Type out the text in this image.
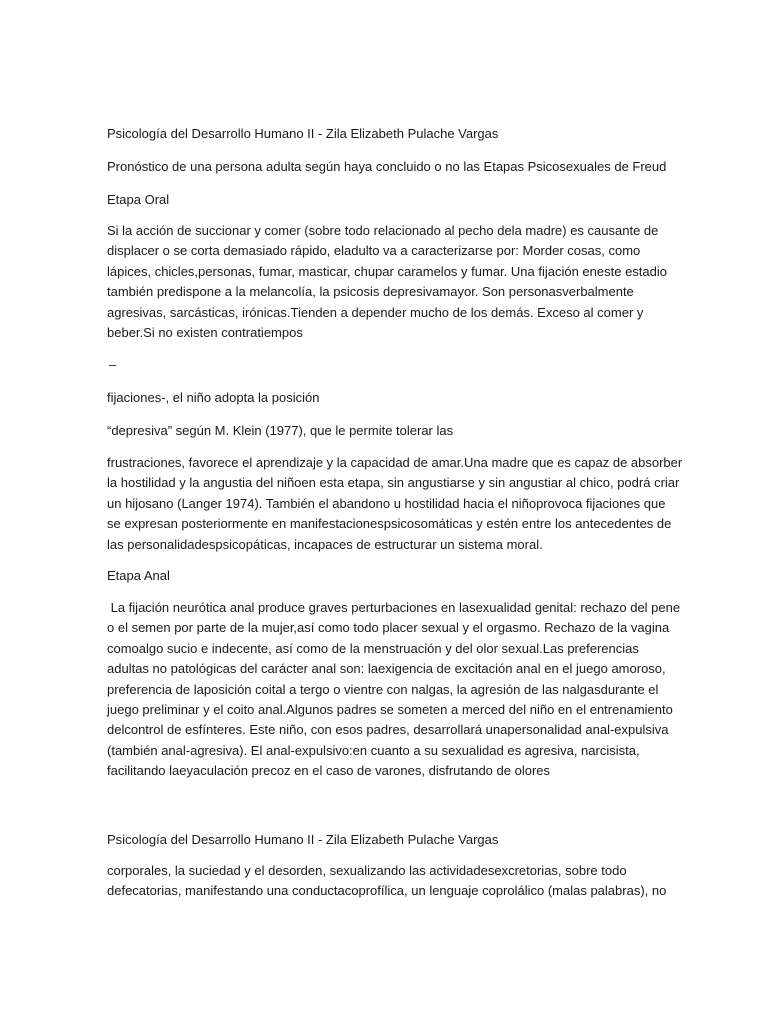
Psicología del Desarrollo Humano II - Zila Elizabeth Pulache Vargas

Pronóstico de una persona adulta según haya concluido o no las Etapas Psicosexuales de Freud

Etapa Oral

Si la acción de succionar y comer (sobre todo relacionado al pecho dela madre) es causante de
displacer o se corta demasiado rápido, eladulto va a caracterizarse por: Morder cosas, como
lápices, chicles,personas, fumar, masticar, chupar caramelos y fumar. Una fijación eneste estadio
también predispone a la melancolía, la psicosis depresivamayor. Son personasverbalmente
agresivas, sarcásticas, irónicas.Tienden a depender mucho de los demás. Exceso al comer y
beber.Si no existen contratiempos

–

fijaciones-, el niño adopta la posición

“depresiva” según M. Klein (1977), que le permite tolerar las

frustraciones, favorece el aprendizaje y la capacidad de amar.Una madre que es capaz de absorber
la hostilidad y la angustia del niñoen esta etapa, sin angustiarse y sin angustiar al chico, podrá criar
un hijosano (Langer 1974). También el abandono u hostilidad hacia el niñoprovoca fijaciones que
se expresan posteriormente en manifestacionespsicosomáticas y estén entre los antecedentes de
las personalidadespsicopáticas, incapaces de estructurar un sistema moral.

Etapa Anal

La fijación neurótica anal produce graves perturbaciones en lasexualidad genital: rechazo del pene
o el semen por parte de la mujer,así como todo placer sexual y el orgasmo. Rechazo de la vagina
comoalgo sucio e indecente, así como de la menstruación y del olor sexual.Las preferencias
adultas no patológicas del carácter anal son: laexigencia de excitación anal en el juego amoroso,
preferencia de laposición coital a tergo o vientre con nalgas, la agresión de las nalgasdurante el
juego preliminar y el coito anal.Algunos padres se someten a merced del niño en el entrenamiento
delcontrol de esfínteres. Este niño, con esos padres, desarrollará unapersonalidad anal-expulsiva
(también anal-agresiva). El anal-expulsivo:en cuanto a su sexualidad es agresiva, narcisista,
facilitando laeyaculación precoz en el caso de varones, disfrutando de olores

Psicología del Desarrollo Humano II - Zila Elizabeth Pulache Vargas

corporales, la suciedad y el desorden, sexualizando las actividadesexcretorias, sobre todo
defecatorias, manifestando una conductacoprofílica, un lenguaje coprolálico (malas palabras), no
